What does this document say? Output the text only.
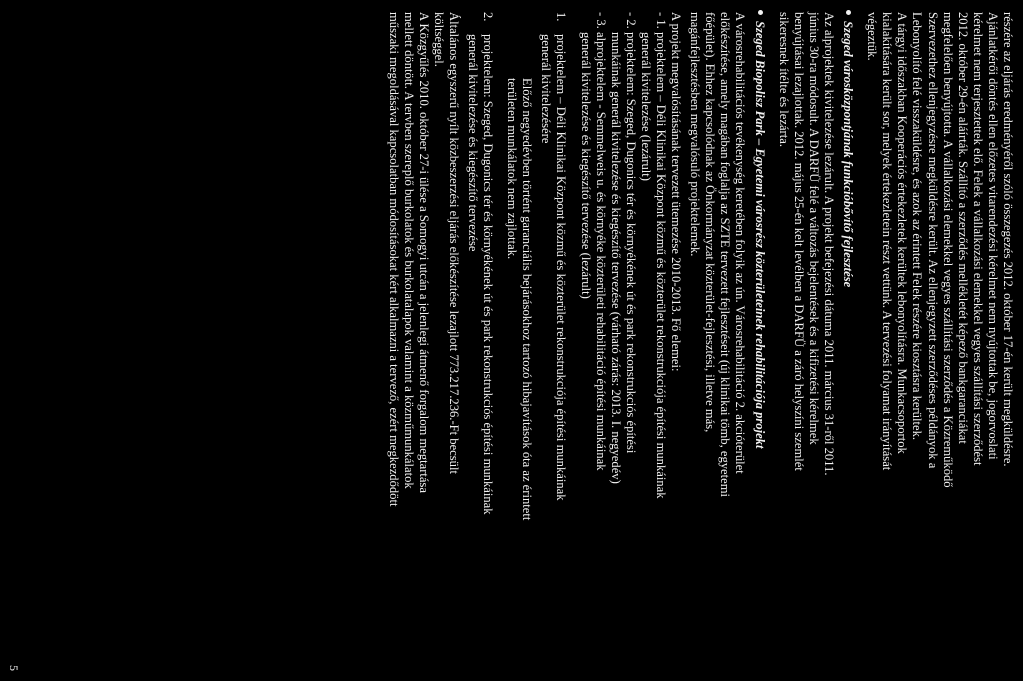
részére az eljárás eredményéről szóló összegezés 2012. október 17-én került megküldésre.
Ajánlatkérői döntés ellen előzetes vitarendezési kérelmet nem nyújtottak be, jogorvoslati
kérelmet nem terjesztettek elő. Felek a vállalkozási elemekkel vegyes szállítási szerződést
2012. október 29-én aláírták. Szállító a szerződés mellékletét képező bankgaranciákat
megfelelően benyújtotta. A vállalkozási elemekkel vegyes szállítási szerződés a Közreműködő
Szervezethez ellenjegyzésre megküldésre került. Az ellenjegyzett szerződéses példányok a
Lebonyolító felé visszaküldésre, és azok az érintett Felek részére kiosztásra kerültek.
A tárgyi időszakban Kooperációs értekezletek kerültek lebonyolításra. Munkacsoportok
kialakítására került sor, melyek értekezletein részt vettünk. A tervezési folyamat irányítását
végeztük.
Szeged városközpontjának funkcióbővítő fejlesztése
Az alprojektek kivitelezése lezárult. A projekt befejezési dátuma 2011. március 31-ről 2011.
június 30-ra módosult. A DARFÜ felé a változás bejelentések és a kifizetési kérelmek
benyújtásai lezajlottak. 2012. május 25-én kelt levélben a DARFÜ a záró helyszíni szemlét
sikeresnek ítélte és lezárta.
Szeged Biopolisz Park – Egyetemi városrész közterületeinek rehabilitációja projekt
A városrehabilitációs tevékenység keretében folyik az ún. Városrehabilitáció 2. akcióterület
előkészítése, amely magában foglalja az SZTE tervezett fejlesztéseit (új klinikai tömb, egyetemi
főépület). Ehhez kapcsolódnak az Önkormányzat közterület-fejlesztési, illetve más,
magánfejlesztésben megvalósuló projektelemek.

A projekt megvalósításának tervezett ütemezése 2010-2013. Fő elemei:

- 1.
projektelem – Déli Klinikai Központ közmű és közterület rekonstrukciója építési munkáinak
generál kivitelezése (lezárult)
- 2.
projektelem: Szeged, Dugonics tér és környékének út és park rekonstrukciós építési
munkáinak generál kivitelezése és kiegészítő tervezése (várható zárás: 2013. I. negyedév)
- 3.
alprojektelem - Semmelweis u. és környéke közterületi rehabilitáció építési munkáinak
generál kivitelezése és kiegészítő tervezése (lezárult)
1.
projektelem – Déli Klinikai Központ közmű és közterület rekonstrukciója építési munkáinak
generál kivitelezésére
Előző negyedévben történt garanciális bejárásokhoz tartozó hibajavítások óta az érintett
területen munkálatok nem zajlottak.
2.
projektelem: Szeged, Dugonics tér és környékének út és park rekonstrukciós építési munkáinak
generál kivitelezése és kiegészítő tervezése
Általános egyszerű nyílt közbeszerzési eljárás előkészítése lezajlott 773.217.236.-Ft becsült
költséggel.
A Közgyűlés 2010. október 27-i ülése a Somogyi utcán a jelenlegi átmenő forgalom megtartása
mellett döntött. A tervben szereplő burkolatok és burkolatalapok valamint a közműmunkálatok
műszaki megoldásával kapcsolatban módosításokat kért alkalmazni a tervező, ezért megkezdődött
5
